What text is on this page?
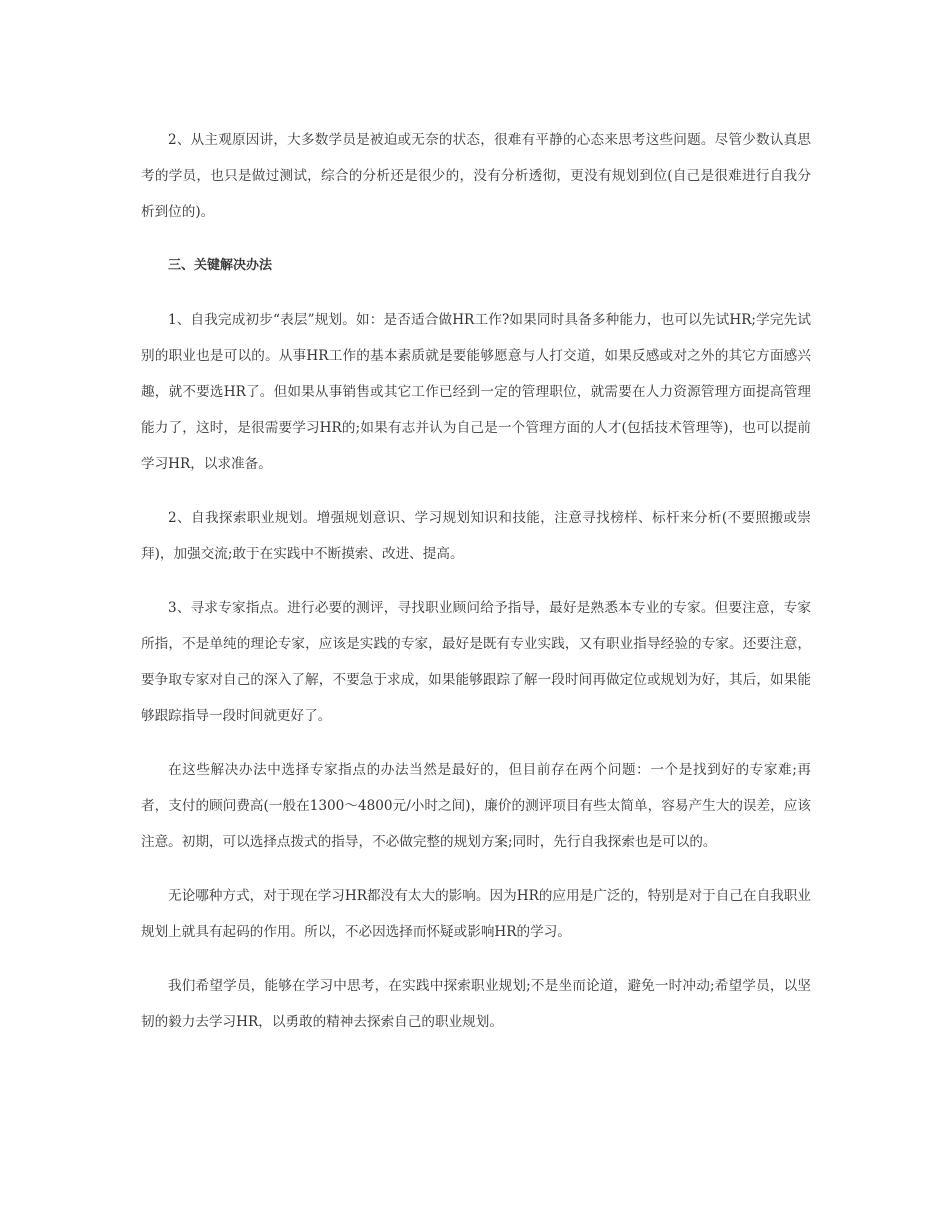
2、从主观原因讲，大多数学员是被迫或无奈的状态，很难有平静的心态来思考这些问题。尽管少数认真思考的学员，也只是做过测试，综合的分析还是很少的，没有分析透彻，更没有规划到位(自己是很难进行自我分析到位的)。

三、关键解决办法

1、自我完成初步“表层”规划。如：是否适合做HR工作?如果同时具备多种能力，也可以先试HR;学完先试别的职业也是可以的。从事HR工作的基本素质就是要能够愿意与人打交道，如果反感或对之外的其它方面感兴趣，就不要选HR了。但如果从事销售或其它工作已经到一定的管理职位，就需要在人力资源管理方面提高管理能力了，这时，是很需要学习HR的;如果有志并认为自己是一个管理方面的人才(包括技术管理等)，也可以提前学习HR，以求准备。

2、自我探索职业规划。增强规划意识、学习规划知识和技能，注意寻找榜样、标杆来分析(不要照搬或崇拜)，加强交流;敢于在实践中不断摸索、改进、提高。

3、寻求专家指点。进行必要的测评，寻找职业顾问给予指导，最好是熟悉本专业的专家。但要注意，专家所指，不是单纯的理论专家，应该是实践的专家，最好是既有专业实践，又有职业指导经验的专家。还要注意，要争取专家对自己的深入了解，不要急于求成，如果能够跟踪了解一段时间再做定位或规划为好，其后，如果能够跟踪指导一段时间就更好了。

在这些解决办法中选择专家指点的办法当然是最好的，但目前存在两个问题：一个是找到好的专家难;再者，支付的顾问费高(一般在1300～4800元/小时之间)，廉价的测评项目有些太简单，容易产生大的误差，应该注意。初期，可以选择点拨式的指导，不必做完整的规划方案;同时，先行自我探索也是可以的。

无论哪种方式，对于现在学习HR都没有太大的影响。因为HR的应用是广泛的，特别是对于自己在自我职业规划上就具有起码的作用。所以，不必因选择而怀疑或影响HR的学习。

我们希望学员，能够在学习中思考，在实践中探索职业规划;不是坐而论道，避免一时冲动;希望学员，以坚韧的毅力去学习HR，以勇敢的精神去探索自己的职业规划。
